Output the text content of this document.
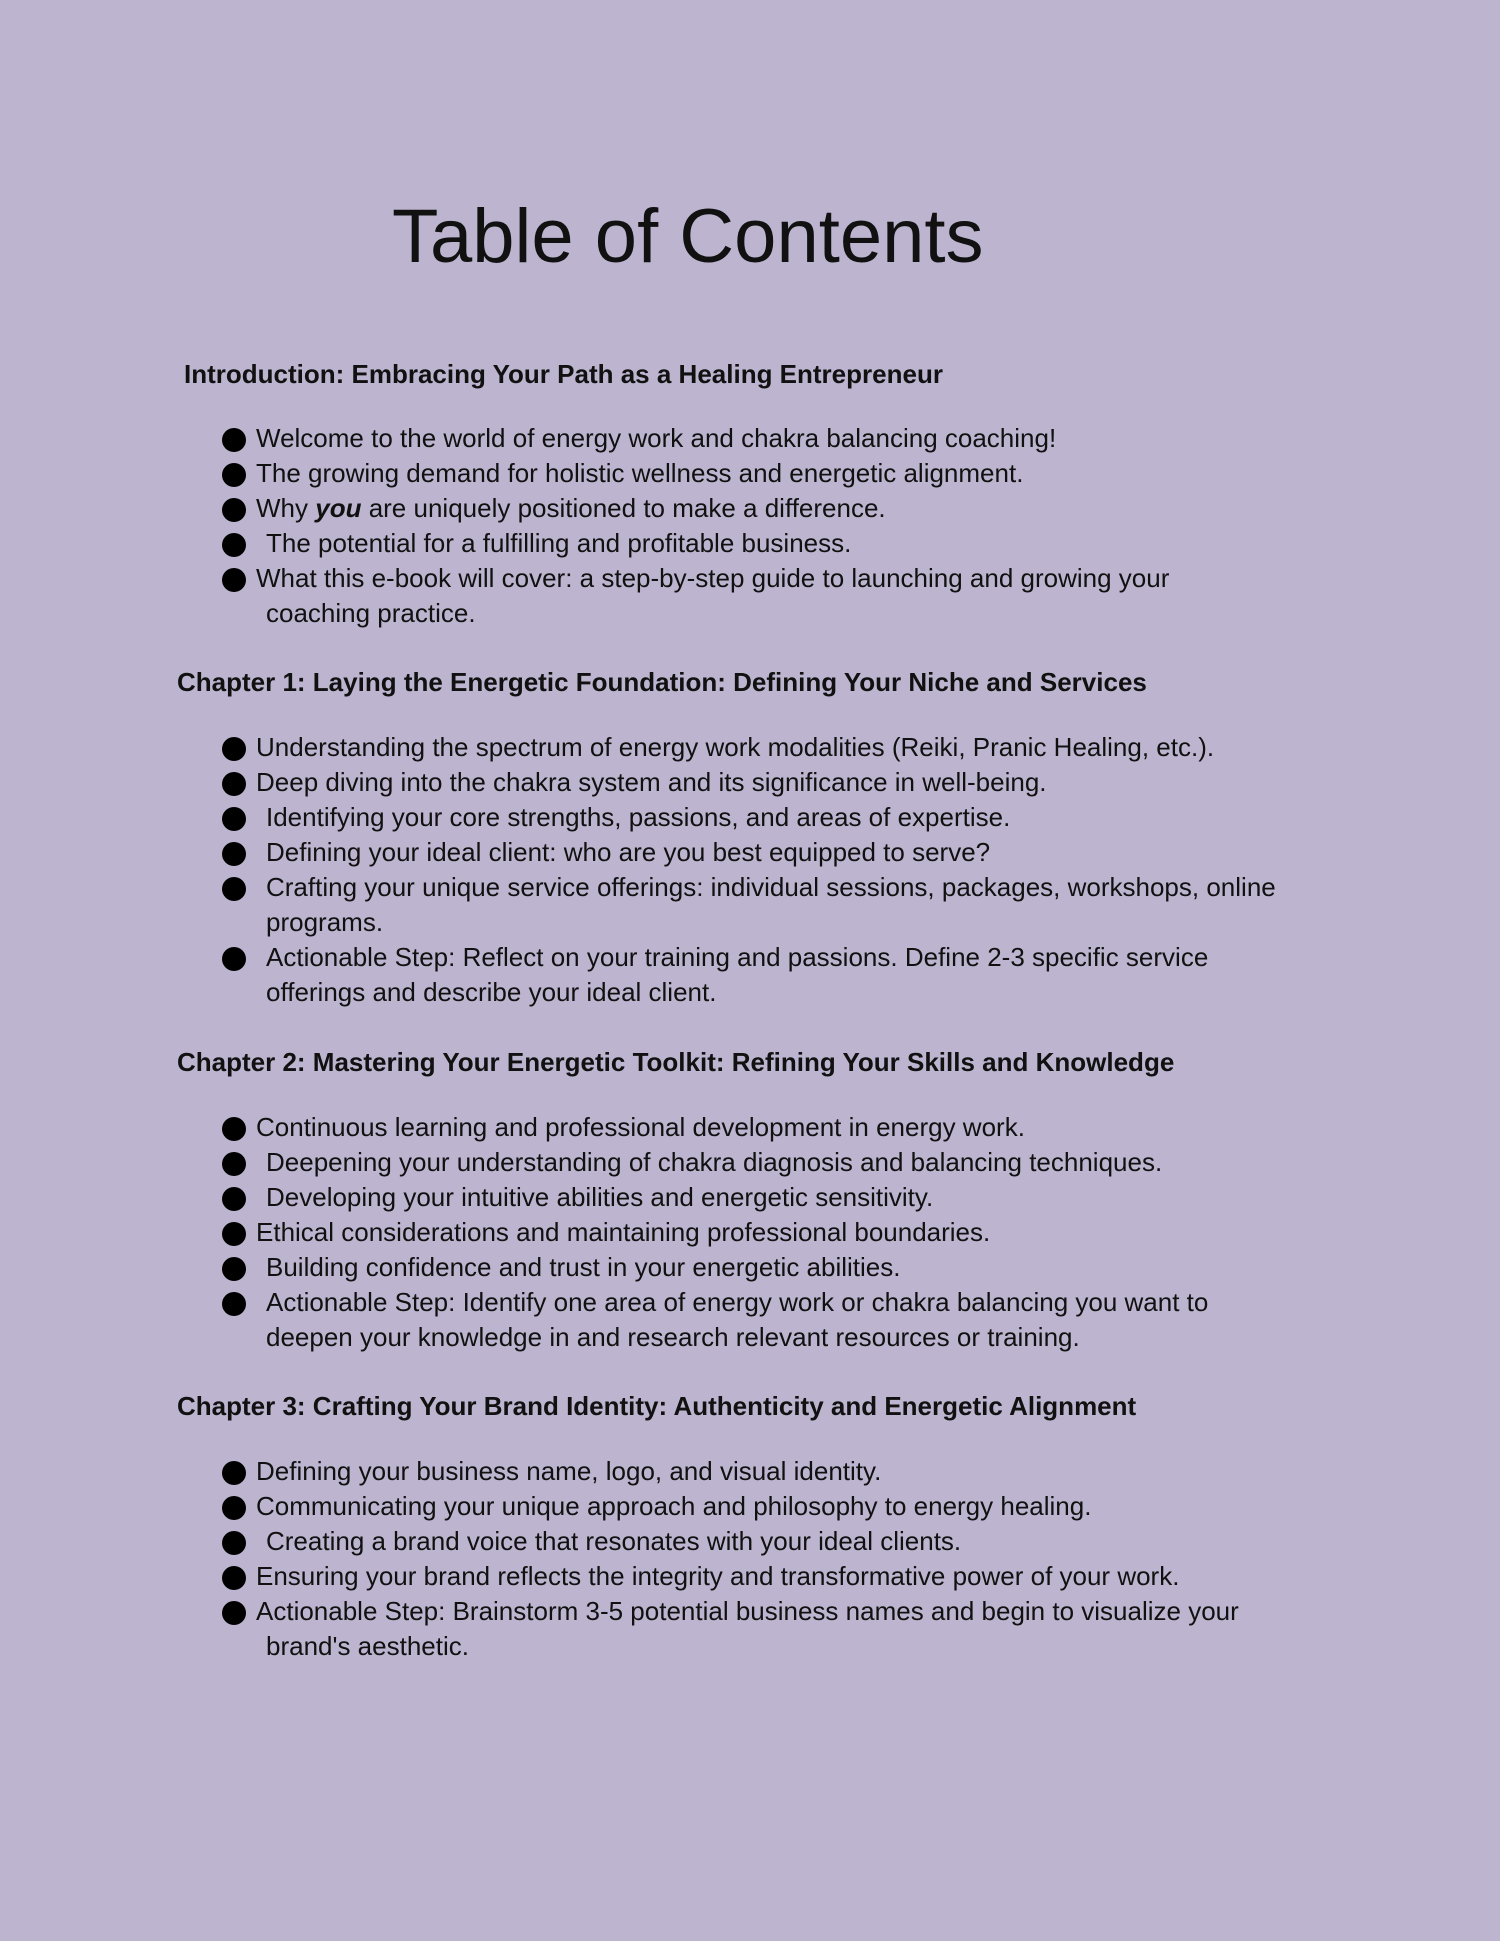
Table of Contents
Introduction: Embracing Your Path as a Healing Entrepreneur
Welcome to the world of energy work and chakra balancing coaching!
The growing demand for holistic wellness and energetic alignment.
Why you are uniquely positioned to make a difference.
The potential for a fulfilling and profitable business.
What this e-book will cover: a step-by-step guide to launching and growing your
coaching practice.
Chapter 1: Laying the Energetic Foundation: Defining Your Niche and Services
Understanding the spectrum of energy work modalities (Reiki, Pranic Healing, etc.).
Deep diving into the chakra system and its significance in well-being.
Identifying your core strengths, passions, and areas of expertise.
Defining your ideal client: who are you best equipped to serve?
Crafting your unique service offerings: individual sessions, packages, workshops, online
programs.
Actionable Step: Reflect on your training and passions. Define 2-3 specific service
offerings and describe your ideal client.
Chapter 2: Mastering Your Energetic Toolkit: Refining Your Skills and Knowledge
Continuous learning and professional development in energy work.
Deepening your understanding of chakra diagnosis and balancing techniques.
Developing your intuitive abilities and energetic sensitivity.
Ethical considerations and maintaining professional boundaries.
Building confidence and trust in your energetic abilities.
Actionable Step: Identify one area of energy work or chakra balancing you want to
deepen your knowledge in and research relevant resources or training.
Chapter 3: Crafting Your Brand Identity: Authenticity and Energetic Alignment
Defining your business name, logo, and visual identity.
Communicating your unique approach and philosophy to energy healing.
Creating a brand voice that resonates with your ideal clients.
Ensuring your brand reflects the integrity and transformative power of your work.
Actionable Step: Brainstorm 3-5 potential business names and begin to visualize your
brand's aesthetic.
